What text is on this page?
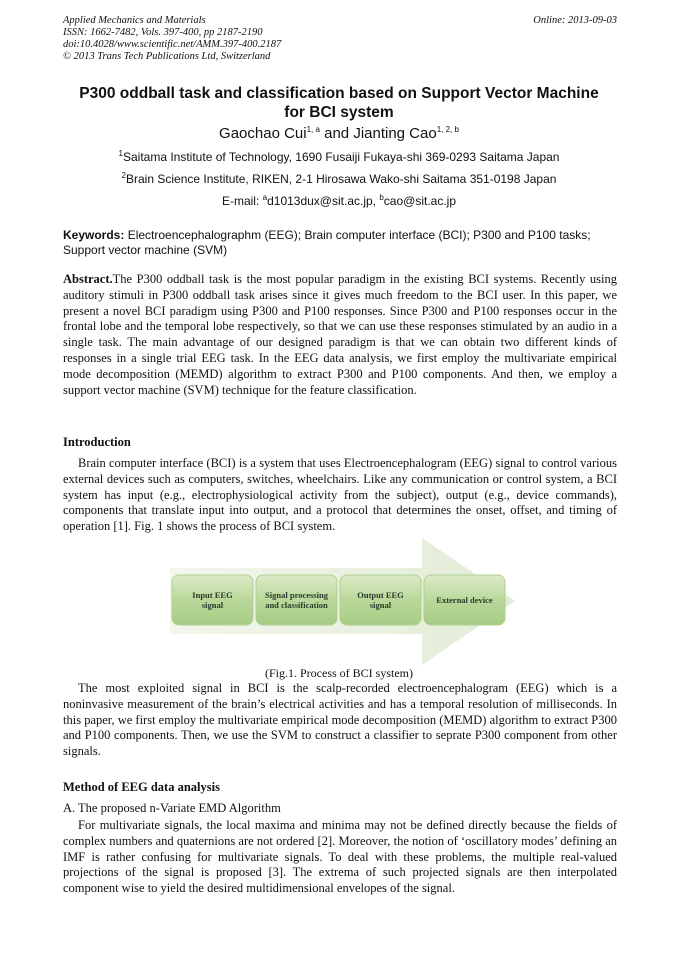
Applied Mechanics and Materials
ISSN: 1662-7482, Vols. 397-400, pp 2187-2190
doi:10.4028/www.scientific.net/AMM.397-400.2187
© 2013 Trans Tech Publications Ltd, Switzerland
Online: 2013-09-03
P300 oddball task and classification based on Support Vector Machine
for BCI system
Gaochao Cui$^{1, a}$ and Jianting Cao$^{1, 2, b}$
$^1$Saitama Institute of Technology, 1690 Fusaiji Fukaya-shi 369-0293 Saitama Japan
$^2$Brain Science Institute, RIKEN, 2-1 Hirosawa Wako-shi Saitama 351-0198 Japan
E-mail: $^a$d1013dux@sit.ac.jp, $^b$cao@sit.ac.jp
Keywords: Electroencephalographm (EEG); Brain computer interface (BCI); P300 and P100 tasks; Support vector machine (SVM)
Abstract.The P300 oddball task is the most popular paradigm in the existing BCI systems. Recently using auditory stimuli in P300 oddball task arises since it gives much freedom to the BCI user. In this paper, we present a novel BCI paradigm using P300 and P100 responses. Since P300 and P100 responses occur in the frontal lobe and the temporal lobe respectively, so that we can use these responses stimulated by an audio in a single task. The main advantage of our designed paradigm is that we can obtain two different kinds of responses in a single trial EEG task. In the EEG data analysis, we first employ the multivariate empirical mode decomposition (MEMD) algorithm to extract P300 and P100 components. And then, we employ a support vector machine (SVM) technique for the feature classification.
Introduction
Brain computer interface (BCI) is a system that uses Electroencephalogram (EEG) signal to control various external devices such as computers, switches, wheelchairs. Like any communication or control system, a BCI system has input (e.g., electrophysiological activity from the subject), output (e.g., device commands), components that translate input into output, and a protocol that determines the onset, offset, and timing of operation [1]. Fig. 1 shows the process of BCI system.
Input EEG signal
Signal processing and classification
Output EEG signal	External device
(Fig.1. Process of BCI system)
The most exploited signal in BCI is the scalp-recorded electroencephalogram (EEG) which is a noninvasive measurement of the brain’s electrical activities and has a temporal resolution of milliseconds. In this paper, we first employ the multivariate empirical mode decomposition (MEMD) algorithm to extract P300 and P100 components. Then, we use the SVM to construct a classifier to seprate P300 component from other signals.
Method of EEG data analysis
A. The proposed n-Variate EMD Algorithm
For multivariate signals, the local maxima and minima may not be defined directly because the fields of complex numbers and quaternions are not ordered [2]. Moreover, the notion of ‘oscillatory modes’ defining an IMF is rather confusing for multivariate signals. To deal with these problems, the multiple real-valued projections of the signal is proposed [3]. The extrema of such projected signals are then interpolated component wise to yield the desired multidimensional envelopes of the signal.
